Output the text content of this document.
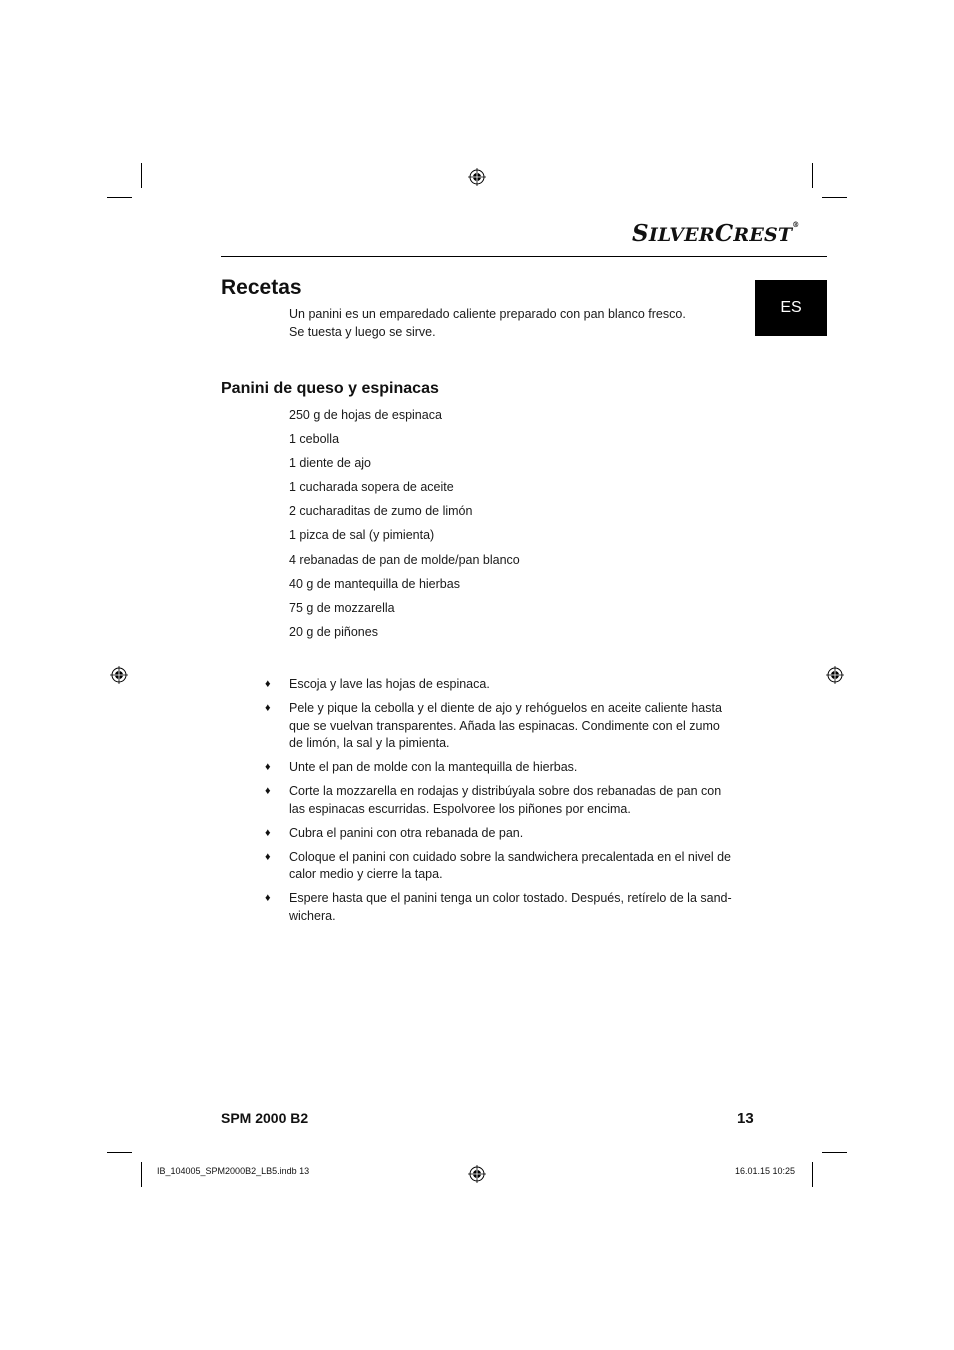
SILVERCREST®
ES
Recetas

Un panini es un emparedado caliente preparado con pan blanco fresco.

Se tuesta y luego se sirve.

Panini de queso y espinacas
250 g de hojas de espinaca
1 cebolla
1 diente de ajo
1 cucharada sopera de aceite
2 cucharaditas de zumo de limón
1 pizca de sal (y pimienta)
4 rebanadas de pan de molde/pan blanco
40 g de mantequilla de hierbas
75 g de mozzarella
20 g de piñones
♦ Escoja y lave las hojas de espinaca.
♦ Pele y pique la cebolla y el diente de ajo y rehóguelos en aceite caliente hasta que se vuelvan transparentes. Añada las espinacas. Condimente con el zumo de limón, la sal y la pimienta.
♦ Unte el pan de molde con la mantequilla de hierbas.
♦ Corte la mozzarella en rodajas y distribúyala sobre dos rebanadas de pan con las espinacas escurridas. Espolvoree los piñones por encima.
♦ Cubra el panini con otra rebanada de pan.
♦ Coloque el panini con cuidado sobre la sandwichera precalentada en el nivel de calor medio y cierre la tapa.
♦ Espere hasta que el panini tenga un color tostado. Después, retírelo de la sand-wichera.
SPM 2000 B2	13
IB_104005_SPM2000B2_LB5.indb 13	16.01.15 10:25
